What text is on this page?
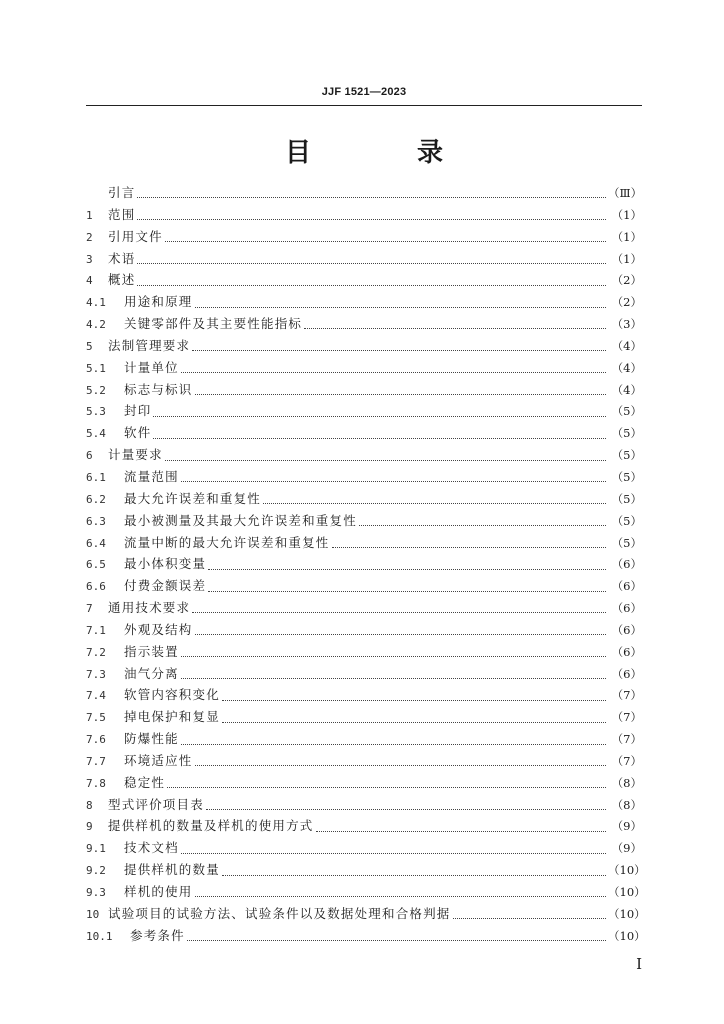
JJF 1521—2023
目　录
引言	（Ⅲ）
1	范围	（1）
2	引用文件	（1）
3	术语	（1）
4	概述	（2）
4.1	用途和原理	（2）
4.2	关键零部件及其主要性能指标	（3）
5	法制管理要求	（4）
5.1	计量单位	（4）
5.2	标志与标识	（4）
5.3	封印	（5）
5.4	软件	（5）
6	计量要求	（5）
6.1	流量范围	（5）
6.2	最大允许误差和重复性	（5）
6.3	最小被测量及其最大允许误差和重复性	（5）
6.4	流量中断的最大允许误差和重复性	（5）
6.5	最小体积变量	（6）
6.6	付费金额误差	（6）
7	通用技术要求	（6）
7.1	外观及结构	（6）
7.2	指示装置	（6）
7.3	油气分离	（6）
7.4	软管内容积变化	（7）
7.5	掉电保护和复显	（7）
7.6	防爆性能	（7）
7.7	环境适应性	（7）
7.8	稳定性	（8）
8	型式评价项目表	（8）
9	提供样机的数量及样机的使用方式	（9）
9.1	技术文档	（9）
9.2	提供样机的数量	（10）
9.3	样机的使用	（10）
10 试验项目的试验方法、试验条件以及数据处理和合格判据	（10）
10.1	参考条件	（10）
Ⅰ
